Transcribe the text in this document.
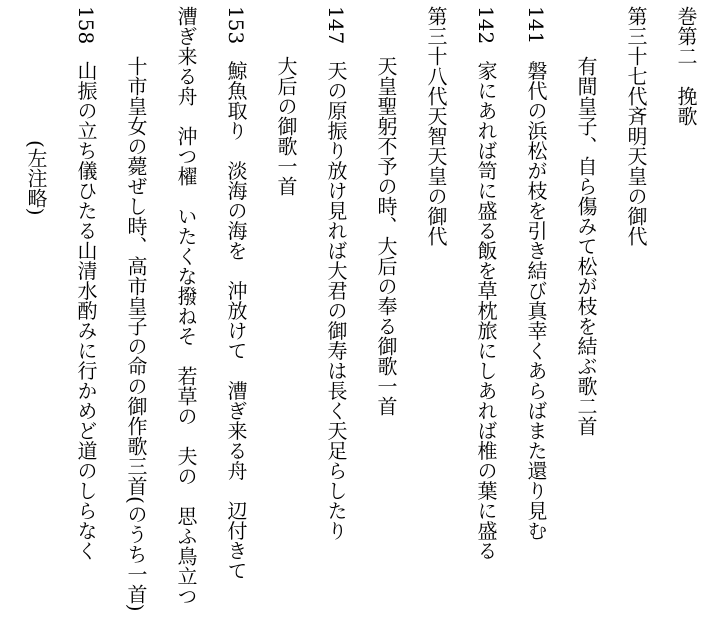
巻第二挽歌
第三十七代斉明天皇の御代
141磐代の浜松が枝を引き結び真幸くあらばまた還り見む 有間皇子、自ら傷みて松が枝を結ぶ歌二首
142家にあれば笥に盛る飯を草枕旅にしあれば椎の葉に盛る
第三十八代天智天皇の御代
天皇聖躬不予の時、大后の奉る御歌一首
147天の原振り放け見れば大君の御寿は長く天足らしたり
大后の御歌一首
153鯨魚取り　淡海の海を　沖放けて　漕ぎ来る舟　辺付きて
漕ぎ来る舟　沖つ櫂　いたくな撥ねそ　若草の　夫の　思ふ鳥立つ
十市皇女の薨ぜし時、高市皇子の命の御作歌三首(のうち一首)
158山振の立ち儀ひたる山清水酌みに行かめど道のしらなく
(左注略)
